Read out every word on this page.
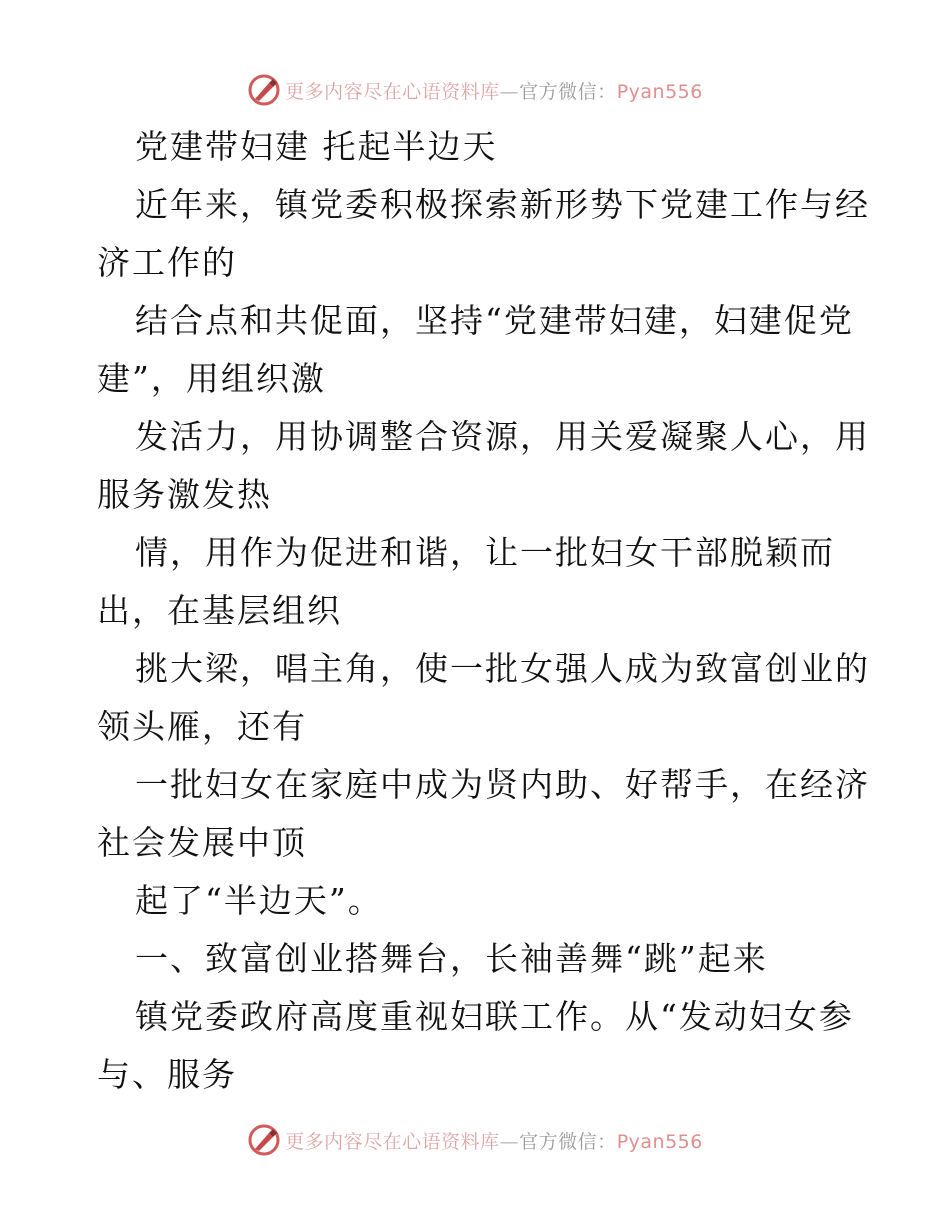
更多内容尽在心语资料库—官方微信：Pyan556
党建带妇建 托起半边天
近年来，镇党委积极探索新形势下党建工作与经
济工作的
结合点和共促面，坚持“党建带妇建，妇建促党
建”，用组织激
发活力，用协调整合资源，用关爱凝聚人心，用
服务激发热
情，用作为促进和谐，让一批妇女干部脱颖而
出，在基层组织
挑大梁，唱主角，使一批女强人成为致富创业的
领头雁，还有
一批妇女在家庭中成为贤内助、好帮手，在经济
社会发展中顶
起了“半边天”。
一、致富创业搭舞台，长袖善舞“跳”起来
镇党委政府高度重视妇联工作。从“发动妇女参
与、服务
更多内容尽在心语资料库—官方微信：Pyan556
